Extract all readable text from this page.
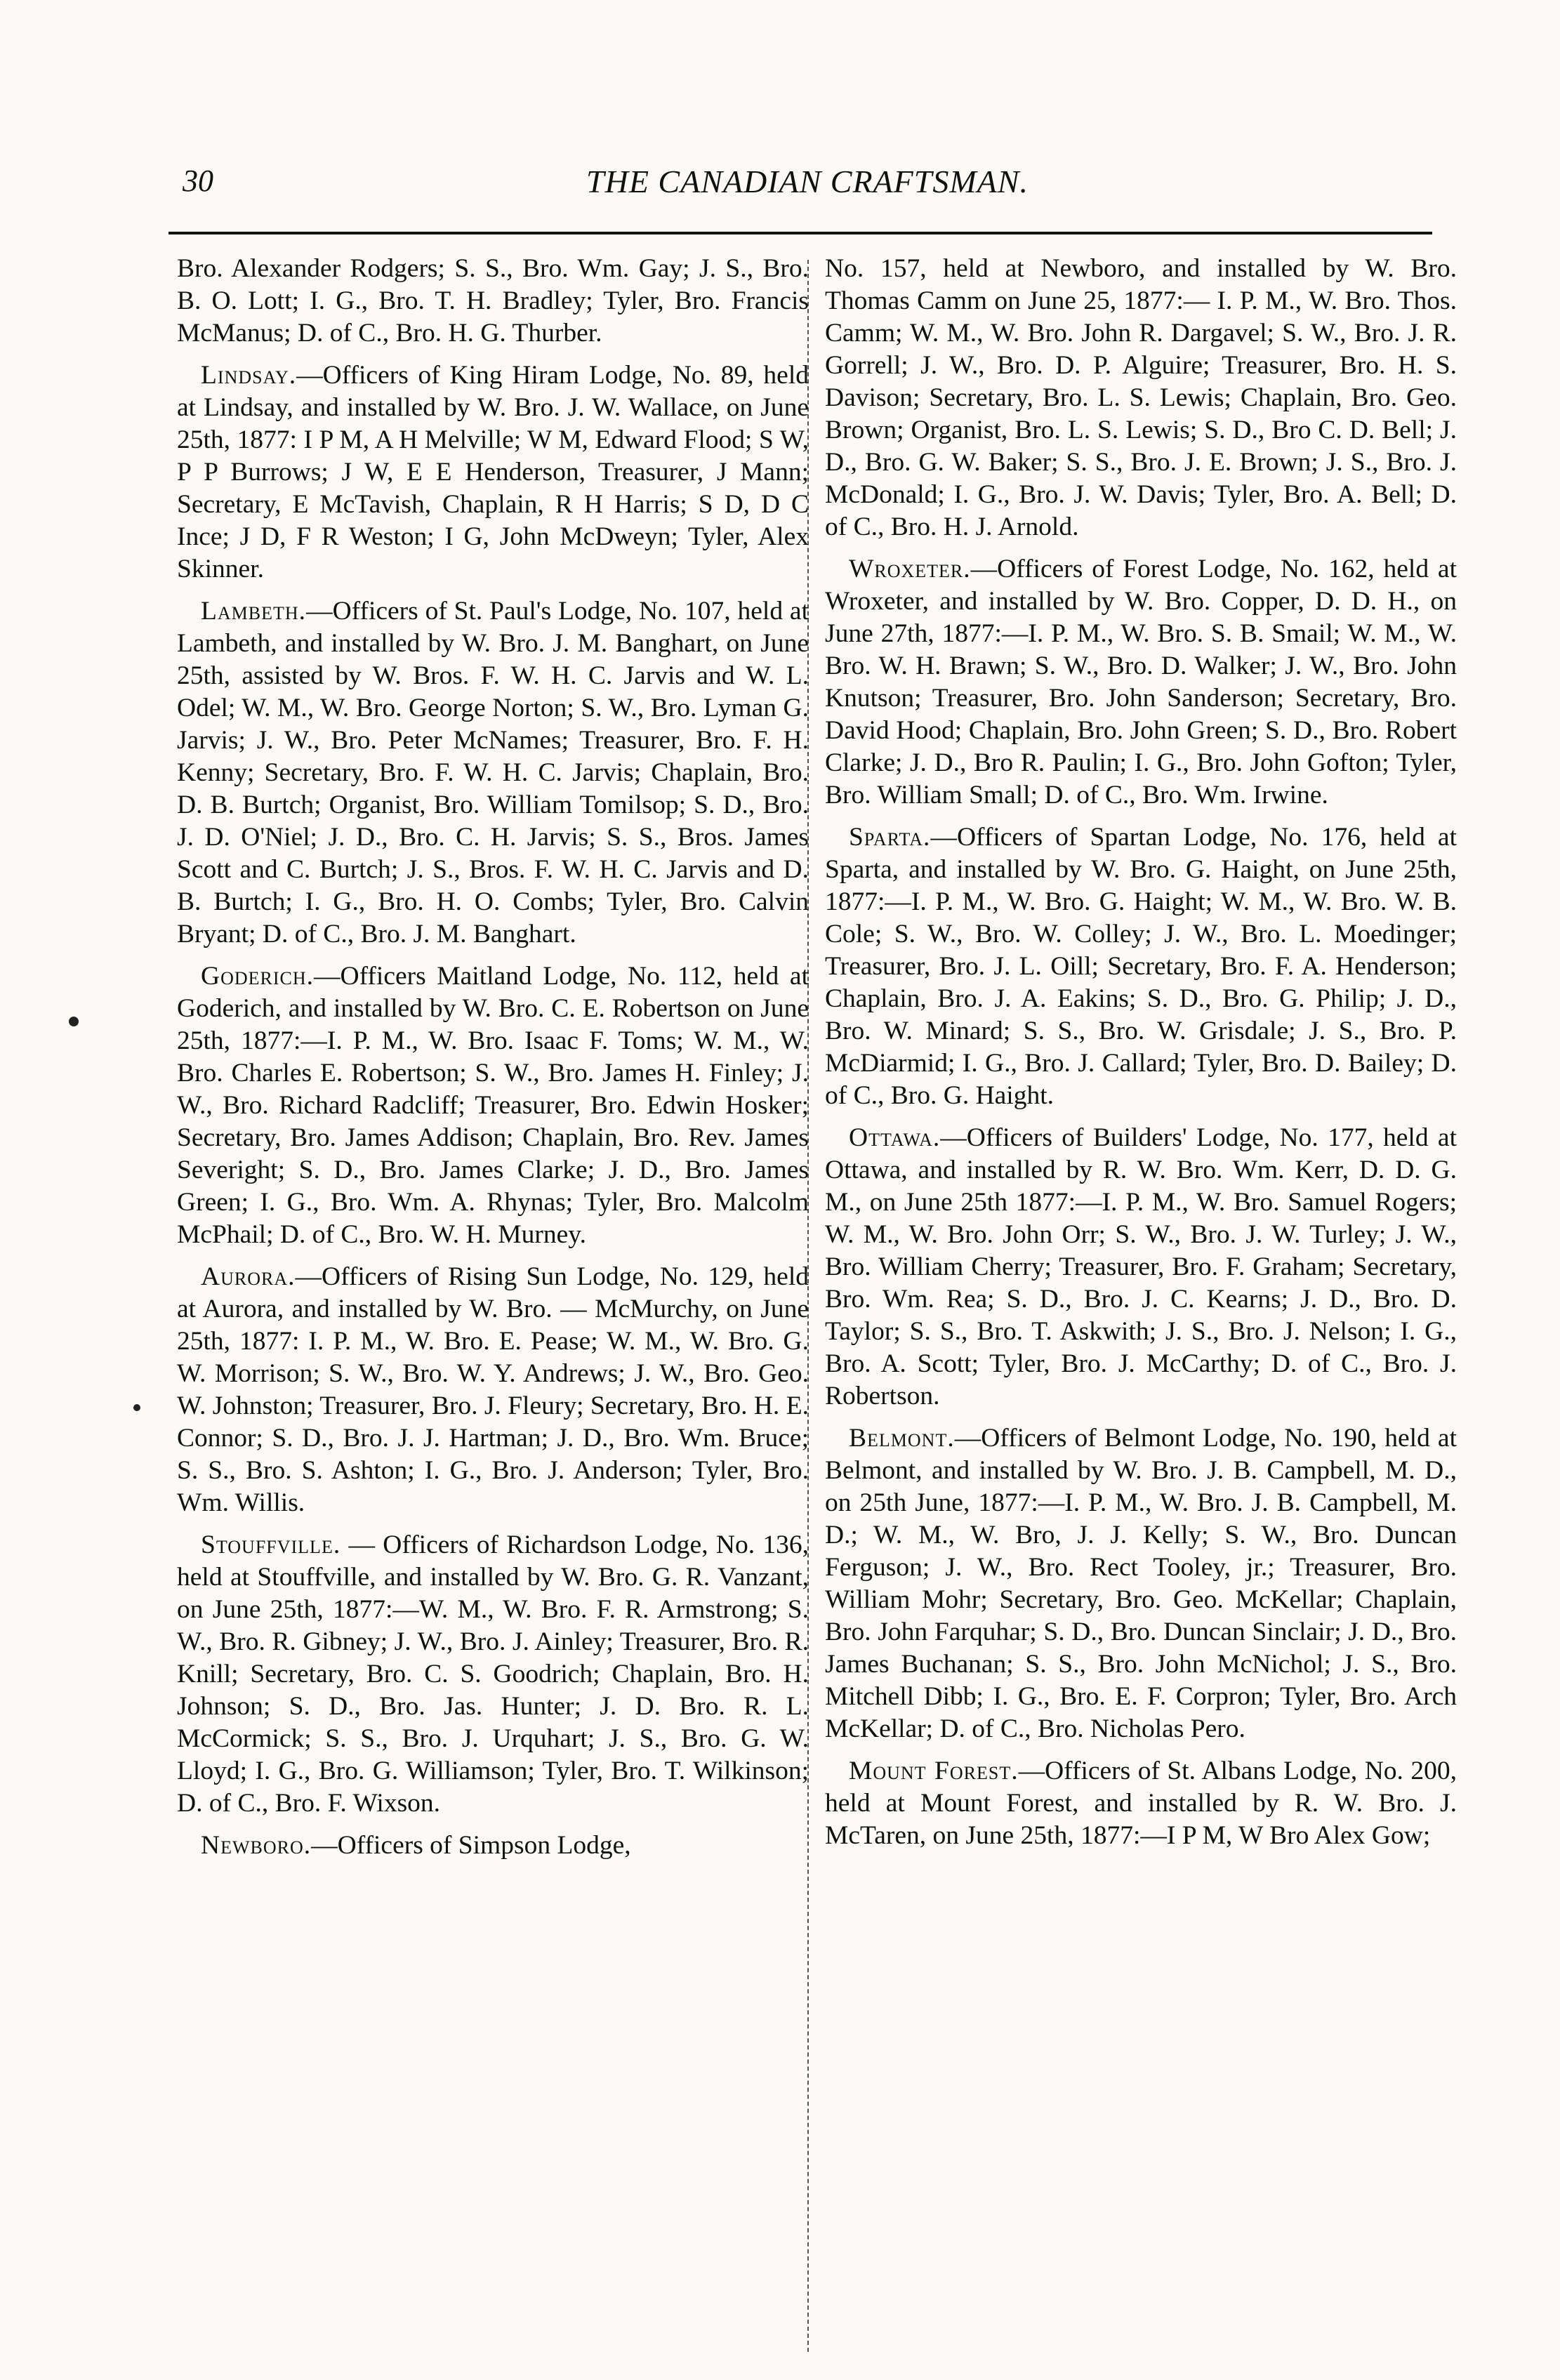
30	THE CANADIAN CRAFTSMAN.

Bro. Alexander Rodgers; S. S., Bro. Wm. Gay; J. S., Bro. B. O. Lott; I. G., Bro. T. H. Bradley; Tyler, Bro. Francis McManus; D. of C., Bro. H. G. Thurber.

Lindsay.—Officers of King Hiram Lodge, No. 89, held at Lindsay, and installed by W. Bro. J. W. Wallace, on June 25th, 1877: I P M, A H Melville; W M, Edward Flood; S W, P P Burrows; J W, E E Henderson, Treasurer, J Mann; Secretary, E McTavish, Chaplain, R H Harris; S D, D C Ince; J D, F R Weston; I G, John McDweyn; Tyler, Alex Skinner.

Lambeth.—Officers of St. Paul's Lodge, No. 107, held at Lambeth, and installed by W. Bro. J. M. Banghart, on June 25th, assisted by W. Bros. F. W. H. C. Jarvis and W. L. Odel; W. M., W. Bro. George Norton; S. W., Bro. Lyman G. Jarvis; J. W., Bro. Peter McNames; Treasurer, Bro. F. H. Kenny; Secretary, Bro. F. W. H. C. Jarvis; Chaplain, Bro. D. B. Burtch; Organist, Bro. William Tomilsop; S. D., Bro. J. D. O'Niel; J. D., Bro. C. H. Jarvis; S. S., Bros. James Scott and C. Burtch; J. S., Bros. F. W. H. C. Jarvis and D. B. Burtch; I. G., Bro. H. O. Combs; Tyler, Bro. Calvin Bryant; D. of C., Bro. J. M. Banghart.

Goderich.—Officers Maitland Lodge, No. 112, held at Goderich, and installed by W. Bro. C. E. Robertson on June 25th, 1877:—I. P. M., W. Bro. Isaac F. Toms; W. M., W. Bro. Charles E. Robertson; S. W., Bro. James H. Finley; J. W., Bro. Richard Radcliff; Treasurer, Bro. Edwin Hosker; Secretary, Bro. James Addison; Chaplain, Bro. Rev. James Severight; S. D., Bro. James Clarke; J. D., Bro. James Green; I. G., Bro. Wm. A. Rhynas; Tyler, Bro. Malcolm McPhail; D. of C., Bro. W. H. Murney.

Aurora.—Officers of Rising Sun Lodge, No. 129, held at Aurora, and installed by W. Bro. — McMurchy, on June 25th, 1877: I. P. M., W. Bro. E. Pease; W. M., W. Bro. G. W. Morrison; S. W., Bro. W. Y. Andrews; J. W., Bro. Geo. W. Johnston; Treasurer, Bro. J. Fleury; Secretary, Bro. H. E. Connor; S. D., Bro. J. J. Hartman; J. D., Bro. Wm. Bruce; S. S., Bro. S. Ashton; I. G., Bro. J. Anderson; Tyler, Bro. Wm. Willis.

Stouffville. — Officers of Richardson Lodge, No. 136, held at Stouffville, and installed by W. Bro. G. R. Vanzant, on June 25th, 1877:—W. M., W. Bro. F. R. Armstrong; S. W., Bro. R. Gibney; J. W., Bro. J. Ainley; Treasurer, Bro. R. Knill; Secretary, Bro. C. S. Goodrich; Chaplain, Bro. H. Johnson; S. D., Bro. Jas. Hunter; J. D. Bro. R. L. McCormick; S. S., Bro. J. Urquhart; J. S., Bro. G. W. Lloyd; I. G., Bro. G. Williamson; Tyler, Bro. T. Wilkinson; D. of C., Bro. F. Wixson.

Newboro.—Officers of Simpson Lodge,

No. 157, held at Newboro, and installed by W. Bro. Thomas Camm on June 25, 1877:— I. P. M., W. Bro. Thos. Camm; W. M., W. Bro. John R. Dargavel; S. W., Bro. J. R. Gorrell; J. W., Bro. D. P. Alguire; Treasurer, Bro. H. S. Davison; Secretary, Bro. L. S. Lewis; Chaplain, Bro. Geo. Brown; Organist, Bro. L. S. Lewis; S. D., Bro C. D. Bell; J. D., Bro. G. W. Baker; S. S., Bro. J. E. Brown; J. S., Bro. J. McDonald; I. G., Bro. J. W. Davis; Tyler, Bro. A. Bell; D. of C., Bro. H. J. Arnold.

Wroxeter.—Officers of Forest Lodge, No. 162, held at Wroxeter, and installed by W. Bro. Copper, D. D. H., on June 27th, 1877:—I. P. M., W. Bro. S. B. Smail; W. M., W. Bro. W. H. Brawn; S. W., Bro. D. Walker; J. W., Bro. John Knutson; Treasurer, Bro. John Sanderson; Secretary, Bro. David Hood; Chaplain, Bro. John Green; S. D., Bro. Robert Clarke; J. D., Bro R. Paulin; I. G., Bro. John Gofton; Tyler, Bro. William Small; D. of C., Bro. Wm. Irwine.

Sparta.—Officers of Spartan Lodge, No. 176, held at Sparta, and installed by W. Bro. G. Haight, on June 25th, 1877:—I. P. M., W. Bro. G. Haight; W. M., W. Bro. W. B. Cole; S. W., Bro. W. Colley; J. W., Bro. L. Moedinger; Treasurer, Bro. J. L. Oill; Secretary, Bro. F. A. Henderson; Chaplain, Bro. J. A. Eakins; S. D., Bro. G. Philip; J. D., Bro. W. Minard; S. S., Bro. W. Grisdale; J. S., Bro. P. McDiarmid; I. G., Bro. J. Callard; Tyler, Bro. D. Bailey; D. of C., Bro. G. Haight.

Ottawa.—Officers of Builders' Lodge, No. 177, held at Ottawa, and installed by R. W. Bro. Wm. Kerr, D. D. G. M., on June 25th 1877:—I. P. M., W. Bro. Samuel Rogers; W. M., W. Bro. John Orr; S. W., Bro. J. W. Turley; J. W., Bro. William Cherry; Treasurer, Bro. F. Graham; Secretary, Bro. Wm. Rea; S. D., Bro. J. C. Kearns; J. D., Bro. D. Taylor; S. S., Bro. T. Askwith; J. S., Bro. J. Nelson; I. G., Bro. A. Scott; Tyler, Bro. J. McCarthy; D. of C., Bro. J. Robertson.

Belmont.—Officers of Belmont Lodge, No. 190, held at Belmont, and installed by W. Bro. J. B. Campbell, M. D., on 25th June, 1877:—I. P. M., W. Bro. J. B. Campbell, M. D.; W. M., W. Bro, J. J. Kelly; S. W., Bro. Duncan Ferguson; J. W., Bro. Rect Tooley, jr.; Treasurer, Bro. William Mohr; Secretary, Bro. Geo. McKellar; Chaplain, Bro. John Farquhar; S. D., Bro. Duncan Sinclair; J. D., Bro. James Buchanan; S. S., Bro. John McNichol; J. S., Bro. Mitchell Dibb; I. G., Bro. E. F. Corpron; Tyler, Bro. Arch McKellar; D. of C., Bro. Nicholas Pero.

Mount Forest.—Officers of St. Albans Lodge, No. 200, held at Mount Forest, and installed by R. W. Bro. J. McTaren, on June 25th, 1877:—I P M, W Bro Alex Gow;
